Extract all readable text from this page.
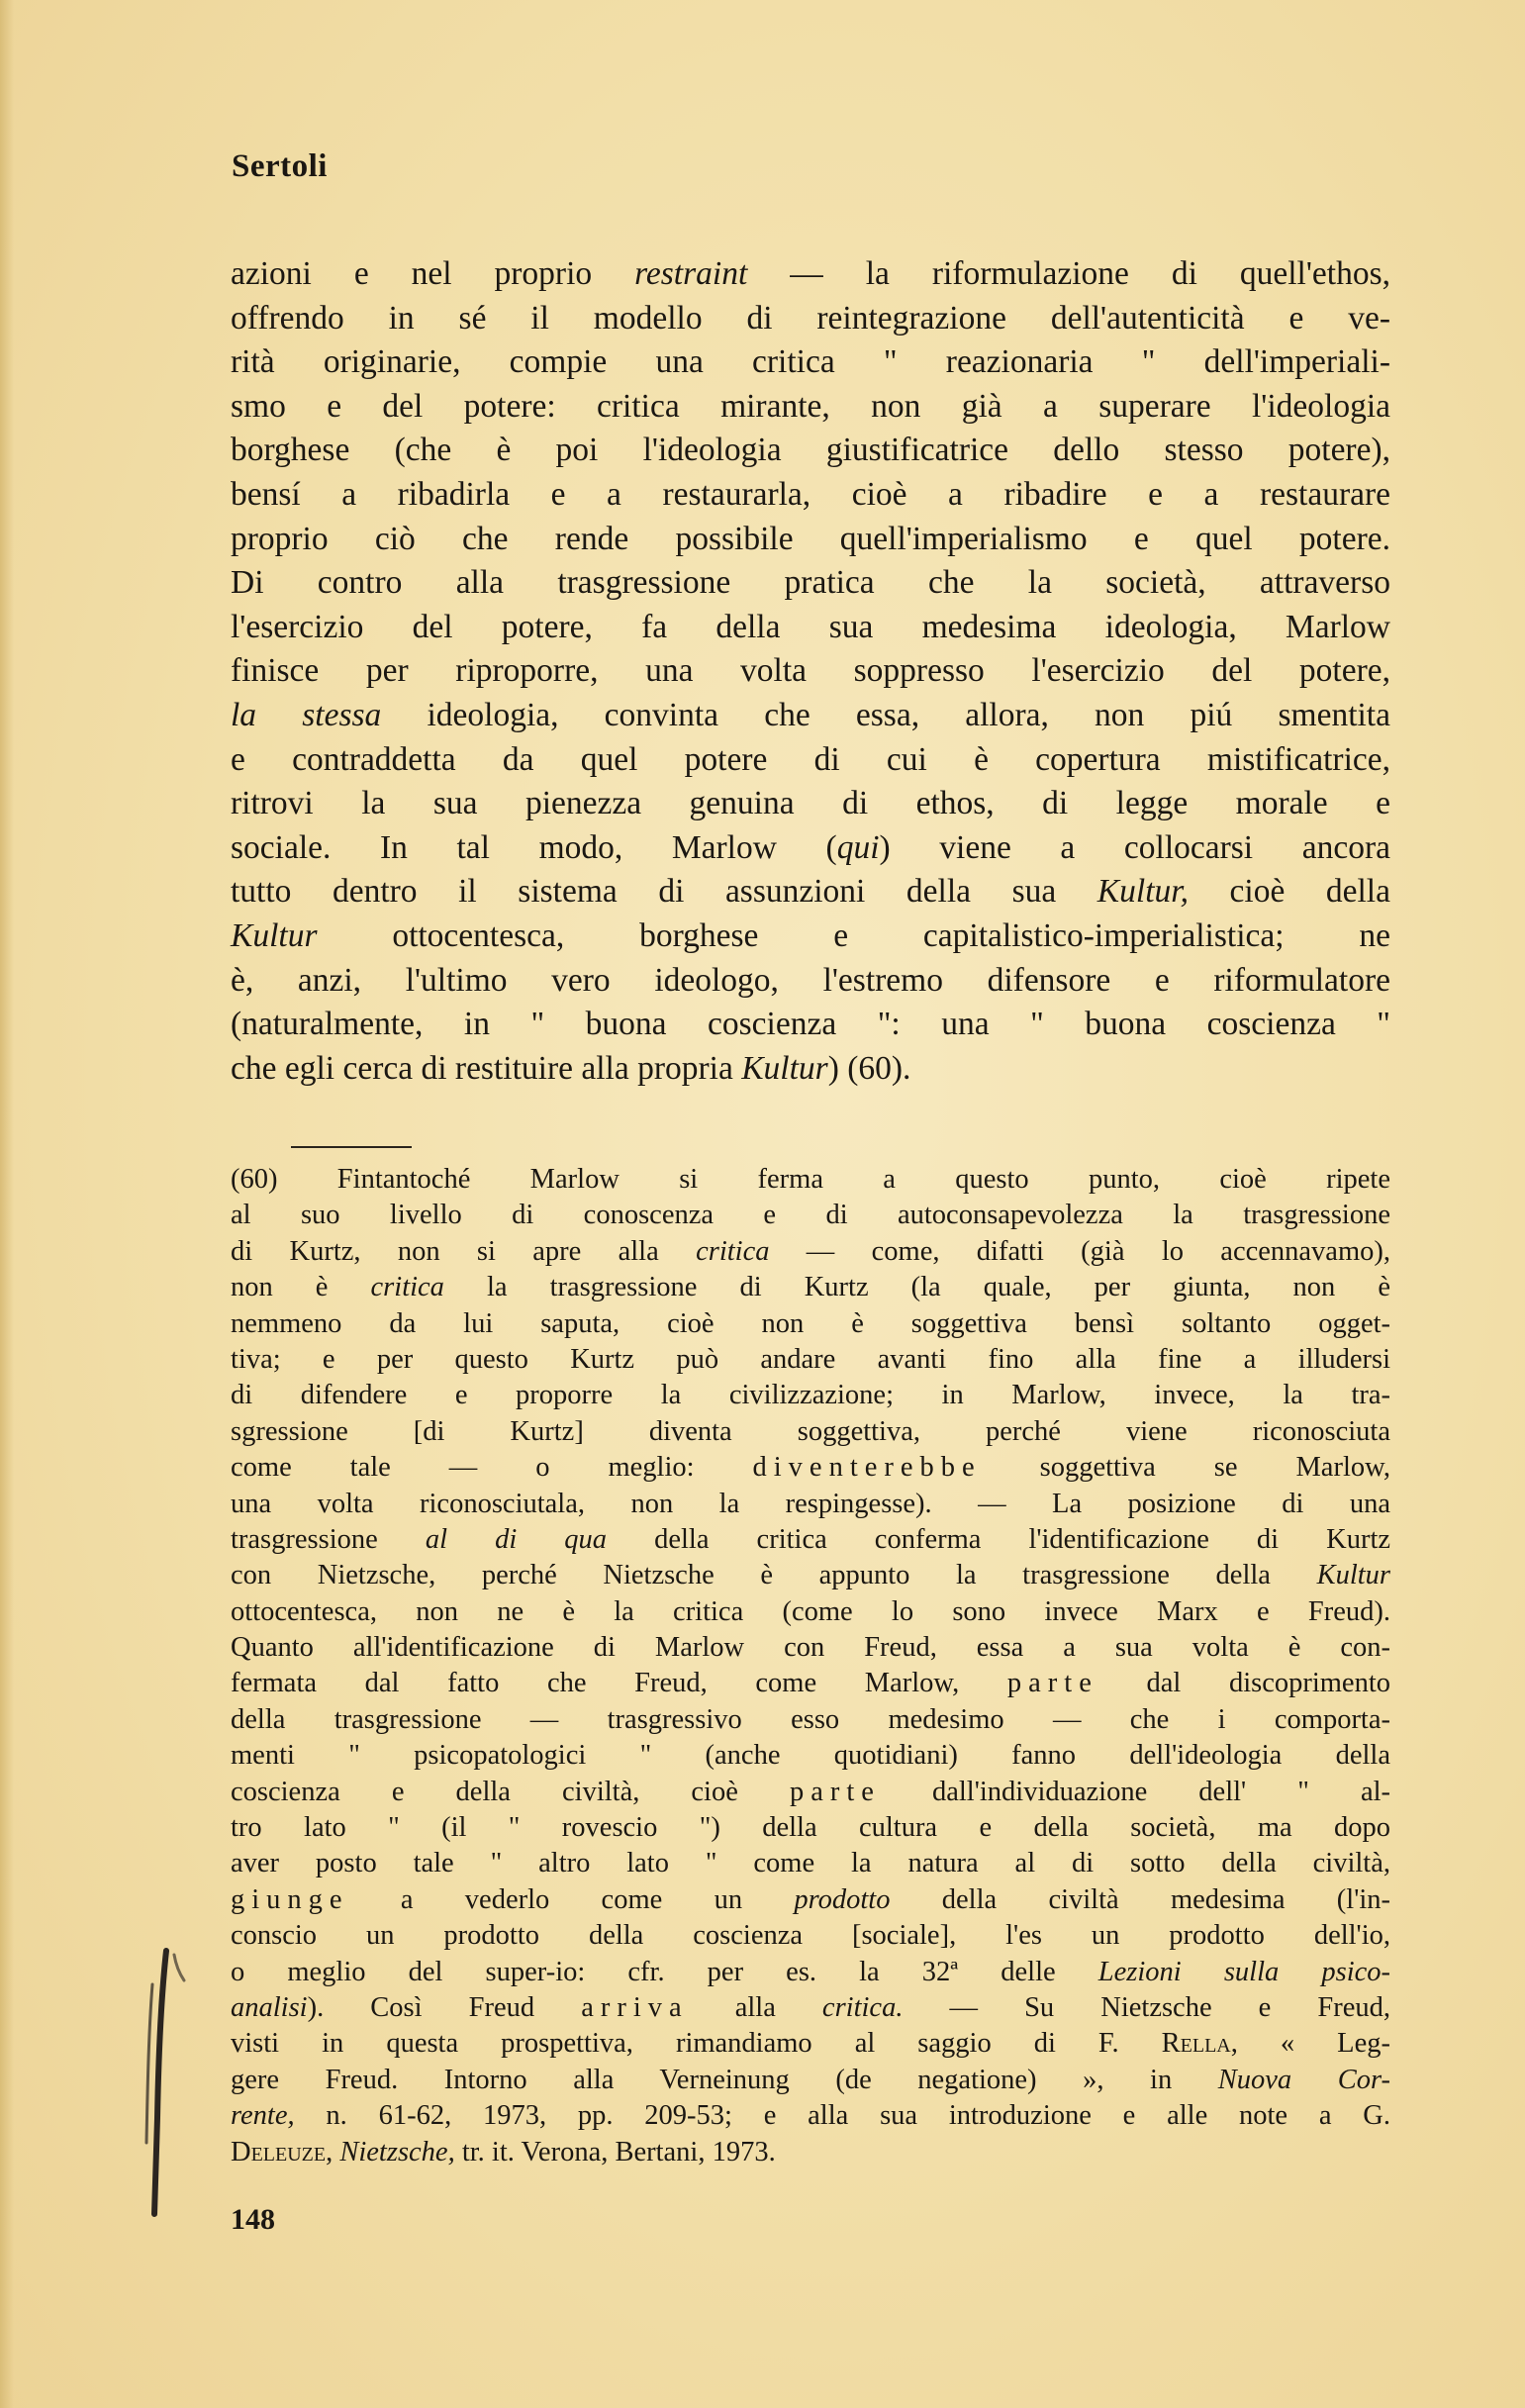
Sertoli
azioni e nel proprio restraint — la riformulazione di quell'ethos,
offrendo in sé il modello di reintegrazione dell'autenticità e ve-
rità originarie, compie una critica " reazionaria " dell'imperiali-
smo e del potere: critica mirante, non già a superare l'ideologia
borghese (che è poi l'ideologia giustificatrice dello stesso potere),
bensí a ribadirla e a restaurarla, cioè a ribadire e a restaurare
proprio ciò che rende possibile quell'imperialismo e quel potere.
Di contro alla trasgressione pratica che la società, attraverso
l'esercizio del potere, fa della sua medesima ideologia, Marlow
finisce per riproporre, una volta soppresso l'esercizio del potere,
la stessa ideologia, convinta che essa, allora, non piú smentita
e contraddetta da quel potere di cui è copertura mistificatrice,
ritrovi la sua pienezza genuina di ethos, di legge morale e
sociale. In tal modo, Marlow (qui) viene a collocarsi ancora
tutto dentro il sistema di assunzioni della sua Kultur, cioè della
Kultur ottocentesca, borghese e capitalistico-imperialistica; ne
è, anzi, l'ultimo vero ideologo, l'estremo difensore e riformulatore
(naturalmente, in " buona coscienza ": una " buona coscienza "
che egli cerca di restituire alla propria Kultur) (60).
(60) Fintantoché Marlow si ferma a questo punto, cioè ripete
al suo livello di conoscenza e di autoconsapevolezza la trasgressione
di Kurtz, non si apre alla critica — come, difatti (già lo accennavamo),
non è critica la trasgressione di Kurtz (la quale, per giunta, non è
nemmeno da lui saputa, cioè non è soggettiva bensì soltanto ogget-
tiva; e per questo Kurtz può andare avanti fino alla fine a illudersi
di difendere e proporre la civilizzazione; in Marlow, invece, la tra-
sgressione [di Kurtz] diventa soggettiva, perché viene riconosciuta
come tale — o meglio: diventerebbe soggettiva se Marlow,
una volta riconosciutala, non la respingesse). — La posizione di una
trasgressione al di qua della critica conferma l'identificazione di Kurtz
con Nietzsche, perché Nietzsche è appunto la trasgressione della Kultur
ottocentesca, non ne è la critica (come lo sono invece Marx e Freud).
Quanto all'identificazione di Marlow con Freud, essa a sua volta è con-
fermata dal fatto che Freud, come Marlow, parte dal discoprimento
della trasgressione — trasgressivo esso medesimo — che i comporta-
menti " psicopatologici " (anche quotidiani) fanno dell'ideologia della
coscienza e della civiltà, cioè parte dall'individuazione dell' " al-
tro lato " (il " rovescio ") della cultura e della società, ma dopo
aver posto tale " altro lato " come la natura al di sotto della civiltà,
giunge a vederlo come un prodotto della civiltà medesima (l'in-
conscio un prodotto della coscienza [sociale], l'es un prodotto dell'io,
o meglio del super-io: cfr. per es. la 32ª delle Lezioni sulla psico-
analisi). Così Freud arriva alla critica. — Su Nietzsche e Freud,
visti in questa prospettiva, rimandiamo al saggio di F. Rella, « Leg-
gere Freud. Intorno alla Verneinung (de negatione) », in Nuova Cor-
rente, n. 61-62, 1973, pp. 209-53; e alla sua introduzione e alle note a G.
Deleuze, Nietzsche, tr. it. Verona, Bertani, 1973.
148
